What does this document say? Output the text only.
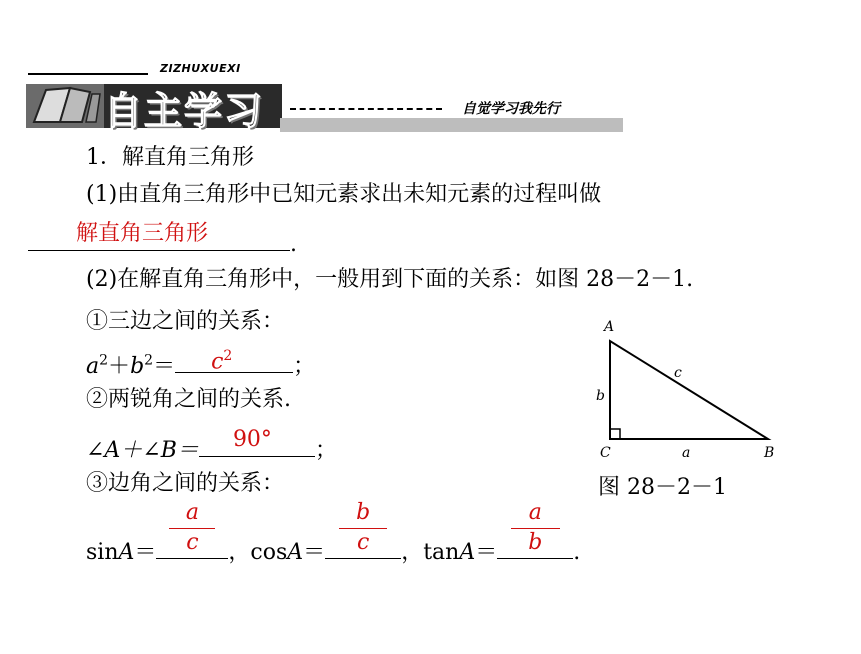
ZIZHUXUEXI
自主学习	自觉学习我先行
1．解直角三角形
(1)由直角三角形中已知元素求出未知元素的过程叫做
解直角三角形	.
(2)在解直角三角形中，一般用到下面的关系：如图 28－2－1.
①三边之间的关系：
$a^2+b^2= c^2$	；
②两锐角之间的关系.
∠A＋∠B＝ 90° ；
③边角之间的关系：
$\sin A= \frac{a}{c}$ ，$\cos A= \frac{b}{c}$ ，$\tan A= \frac{a}{b}$ .
A
C	B
b
a
c
图 28－2－1
